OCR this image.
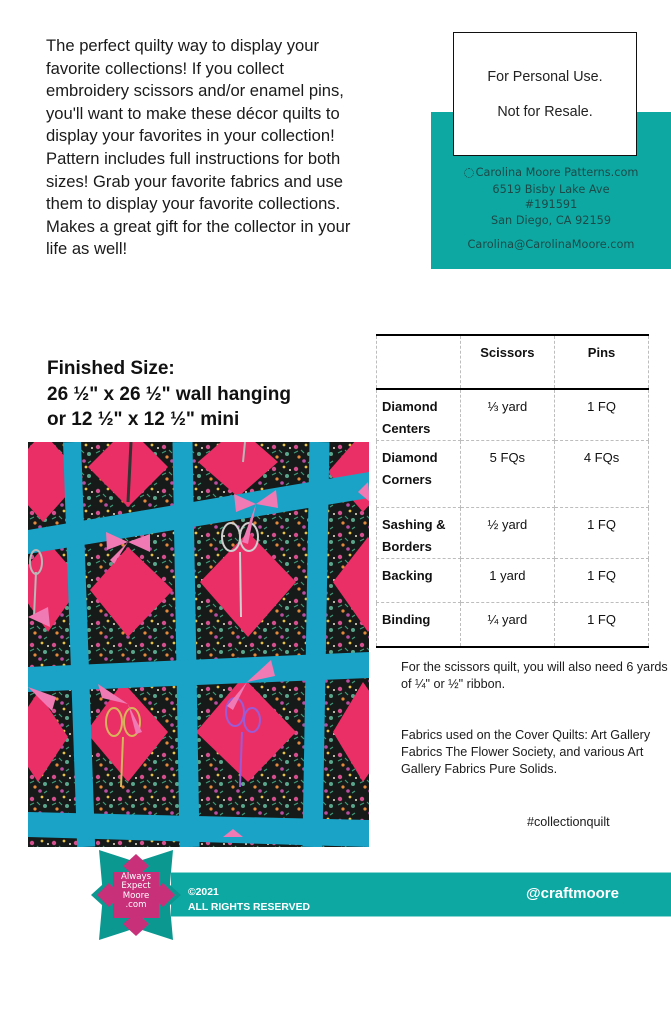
The perfect quilty way to display your favorite collections! If you collect embroidery scissors and/or enamel pins, you'll want to make these décor quilts to display your favorites in your collection! Pattern includes full instructions for both sizes! Grab your favorite fabrics and use them to display your favorite collections. Makes a great gift for the collector in your life as well!
For Personal Use.
Not for Resale.
Carolina Moore Patterns.com
6519 Bisby Lake Ave
#191591
San Diego, CA 92159
Carolina@CarolinaMoore.com
Finished Size:
26 ½" x 26 ½" wall hanging
or 12 ½" x 12 ½" mini
	Scissors	Pins
Diamond Centers	⅓ yard	1 FQ
Diamond Corners	5 FQs	4 FQs
Sashing & Borders	½ yard	1 FQ
Backing	1 yard	1 FQ
Binding	¼ yard	1 FQ

For the scissors quilt, you will also need 6 yards of ¼" or ½" ribbon.

Fabrics used on the Cover Quilts: Art Gallery Fabrics The Flower Society, and various Art Gallery Fabrics Pure Solids.

#collectionquilt
Always
Expect
Moore
.com
©2021
ALL RIGHTS RESERVED
@craftmoore
